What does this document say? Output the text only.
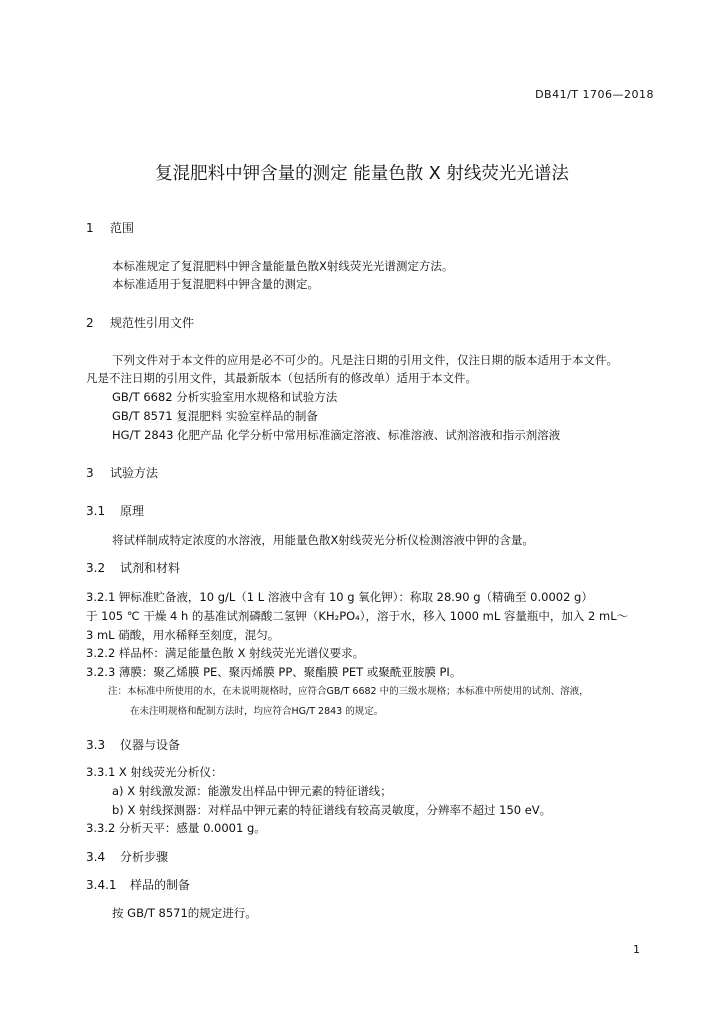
DB41/T 1706—2018
复混肥料中钾含量的测定 能量色散 X 射线荧光光谱法
1 范围
本标准规定了复混肥料中钾含量能量色散X射线荧光光谱测定方法。
本标准适用于复混肥料中钾含量的测定。
2 规范性引用文件
下列文件对于本文件的应用是必不可少的。凡是注日期的引用文件，仅注日期的版本适用于本文件。
凡是不注日期的引用文件，其最新版本（包括所有的修改单）适用于本文件。
GB/T 6682 分析实验室用水规格和试验方法
GB/T 8571 复混肥料 实验室样品的制备
HG/T 2843 化肥产品 化学分析中常用标准滴定溶液、标准溶液、试剂溶液和指示剂溶液
3 试验方法
3.1 原理
将试样制成特定浓度的水溶液，用能量色散X射线荧光分析仪检测溶液中钾的含量。
3.2 试剂和材料
3.2.1 钾标准贮备液，10 g/L（1 L 溶液中含有 10 g 氧化钾）：称取 28.90 g（精确至 0.0002 g）
于 105 ℃ 干燥 4 h 的基准试剂磷酸二氢钾（KH₂PO₄），溶于水，移入 1000 mL 容量瓶中，加入 2 mL～
3 mL 硝酸，用水稀释至刻度，混匀。
3.2.2 样品杯：满足能量色散 X 射线荧光光谱仪要求。
3.2.3 薄膜：聚乙烯膜 PE、聚丙烯膜 PP、聚酯膜 PET 或聚酰亚胺膜 PI。
注：本标准中所使用的水，在未说明规格时，应符合GB/T 6682 中的三级水规格；本标准中所使用的试剂、溶液，
在未注明规格和配制方法时，均应符合HG/T 2843 的规定。
3.3 仪器与设备
3.3.1 X 射线荧光分析仪：
a) X 射线激发源：能激发出样品中钾元素的特征谱线；
b) X 射线探测器：对样品中钾元素的特征谱线有较高灵敏度，分辨率不超过 150 eV。
3.3.2 分析天平：感量 0.0001 g。
3.4 分析步骤
3.4.1 样品的制备
按 GB/T 8571的规定进行。
1
